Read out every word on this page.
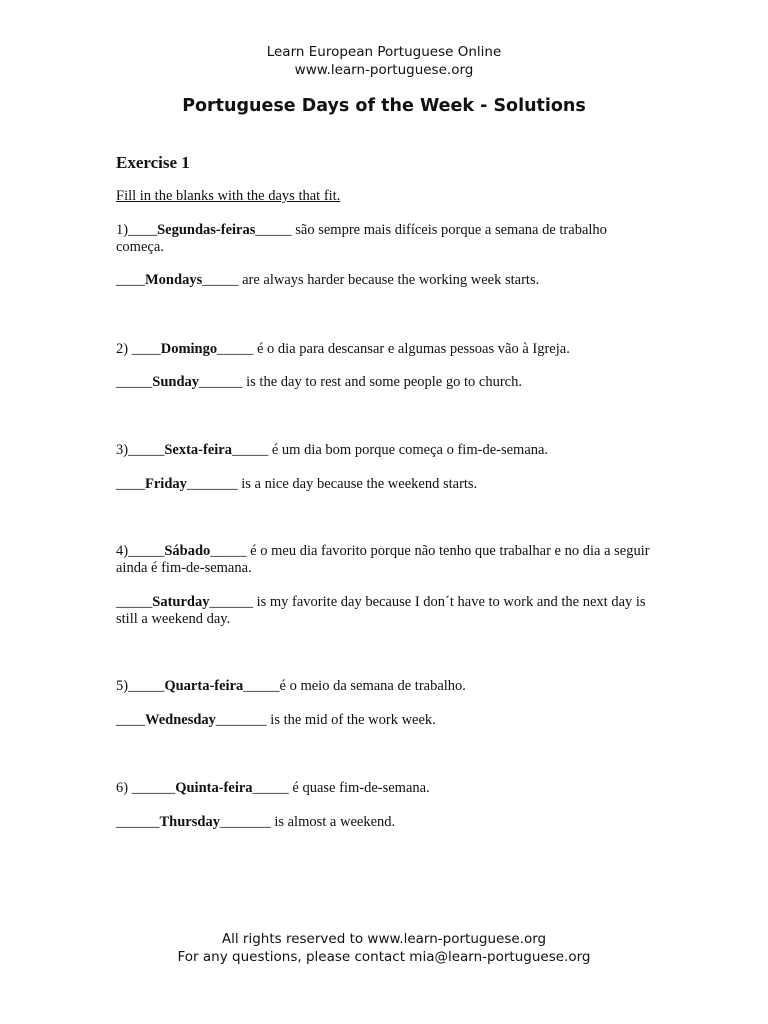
Learn European Portuguese Online
www.learn-portuguese.org
Portuguese Days of the Week - Solutions
Exercise 1
Fill in the blanks with the days that fit.
1)____Segundas-feiras_____ são sempre mais difíceis porque a semana de trabalho começa.
____Mondays_____ are always harder because the working week starts.
2) ____Domingo_____ é o dia para descansar e algumas pessoas vão à Igreja.
_____Sunday______ is the day to rest and some people go to church.
3)_____Sexta-feira_____ é um dia bom porque começa o fim-de-semana.
____Friday_______ is a nice day because the weekend starts.
4)_____Sábado_____ é o meu dia favorito porque não tenho que trabalhar e no dia a seguir ainda é fim-de-semana.
_____Saturday______ is my favorite day because I don´t have to work and the next day is still a weekend day.
5)_____Quarta-feira_____é o meio da semana de trabalho.
____Wednesday_______ is the mid of the work week.
6) ______Quinta-feira_____ é quase fim-de-semana.
______Thursday_______ is almost a weekend.
All rights reserved to www.learn-portuguese.org
For any questions, please contact mia@learn-portuguese.org
